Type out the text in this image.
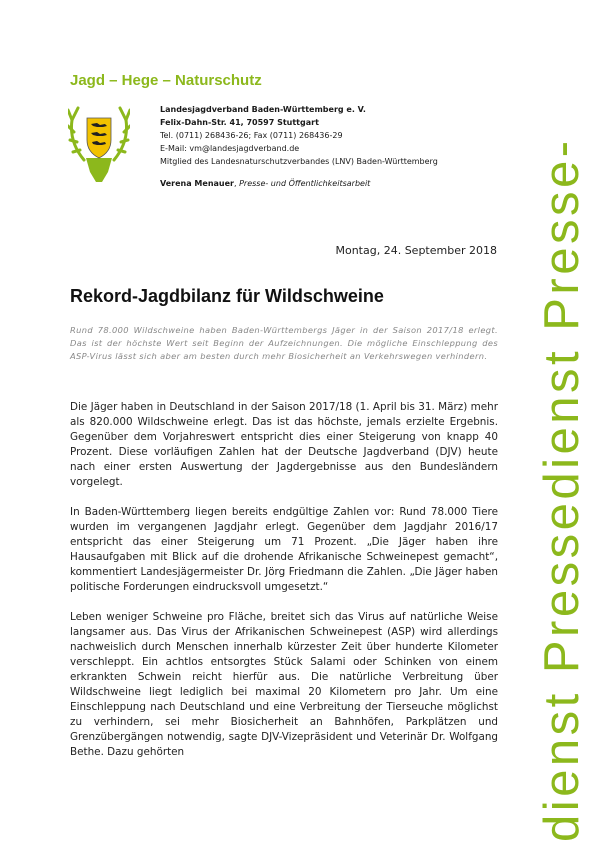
Jagd – Hege – Naturschutz
Landesjagdverband Baden-Württemberg e. V.
Felix-Dahn-Str. 41, 70597 Stuttgart
Tel. (0711) 268436-26; Fax (0711) 268436-29
E-Mail: vm@landesjagdverband.de
Mitglied des Landesnaturschutzverbandes (LNV) Baden-Württemberg
Verena Menauer, Presse- und Öffentlichkeitsarbeit
Montag, 24. September 2018
Rekord-Jagdbilanz für Wildschweine
Rund 78.000 Wildschweine haben Baden-Württembergs Jäger in der Saison 2017/18 erlegt. Das ist der höchste Wert seit Beginn der Aufzeichnungen. Die mögliche Einschleppung des ASP-Virus lässt sich aber am besten durch mehr Biosicherheit an Verkehrswegen verhindern.

Die Jäger haben in Deutschland in der Saison 2017/18 (1. April bis 31. März) mehr als 820.000 Wildschweine erlegt. Das ist das höchste, jemals erzielte Ergebnis. Gegenüber dem Vorjahreswert entspricht dies einer Steigerung von knapp 40 Prozent. Diese vorläufigen Zahlen hat der Deutsche Jagdverband (DJV) heute nach einer ersten Auswertung der Jagdergebnisse aus den Bundesländern vorgelegt.

In Baden-Württemberg liegen bereits endgültige Zahlen vor: Rund 78.000 Tiere wurden im vergangenen Jagdjahr erlegt. Gegenüber dem Jagdjahr 2016/17 entspricht das einer Steigerung um 71 Prozent. „Die Jäger haben ihre Hausaufgaben mit Blick auf die drohende Afrikanische Schweinepest gemacht“, kommentiert Landesjägermeister Dr. Jörg Friedmann die Zahlen. „Die Jäger haben politische Forderungen eindrucksvoll umgesetzt.“

Leben weniger Schweine pro Fläche, breitet sich das Virus auf natürliche Weise langsamer aus. Das Virus der Afrikanischen Schweinepest (ASP) wird allerdings nachweislich durch Menschen innerhalb kürzester Zeit über hunderte Kilometer verschleppt. Ein achtlos entsorgtes Stück Salami oder Schinken von einem erkrankten Schwein reicht hierfür aus. Die natürliche Verbreitung über Wildschweine liegt lediglich bei maximal 20 Kilometern pro Jahr. Um eine Einschleppung nach Deutschland und eine Verbreitung der Tierseuche möglichst zu verhindern, sei mehr Biosicherheit an Bahnhöfen, Parkplätzen und Grenzübergängen notwendig, sagte DJV-Vizepräsident und Veterinär Dr. Wolfgang Bethe. Dazu gehörten	dienst Pressedienst Presse-
